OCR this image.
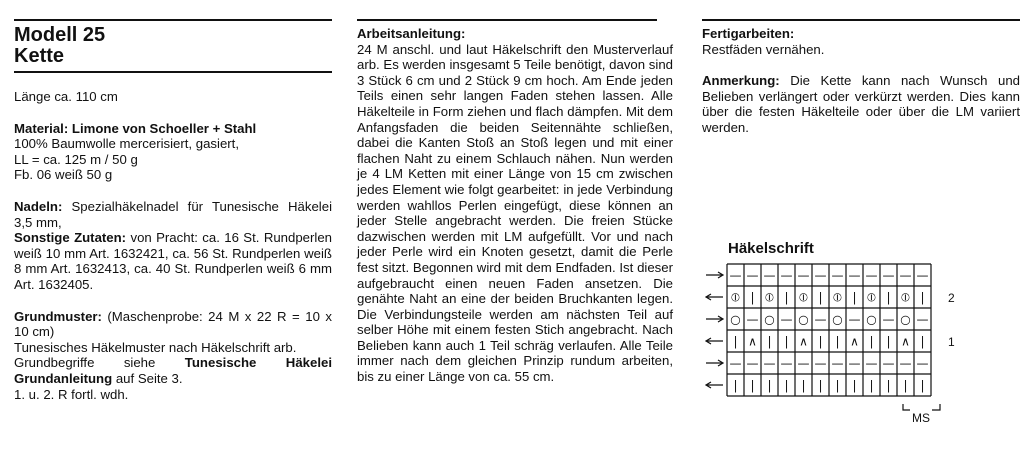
Modell 25
Kette

Länge ca. 110 cm

Material: Limone von Schoeller + Stahl

100% Baumwolle mercerisiert, gasiert,

LL = ca. 125 m / 50 g

Fb. 06 weiß 50 g

Nadeln: Spezialhäkelnadel für Tunesische Häkelei 3,5 mm,

Sonstige Zutaten: von Pracht: ca. 16 St. Rundperlen weiß 10 mm Art. 1632421, ca. 56 St. Rundperlen weiß 8 mm Art. 1632413, ca. 40 St. Rundperlen weiß 6 mm Art. 1632405.

Grundmuster: (Maschenprobe: 24 M x 22 R = 10 x 10 cm)

Tunesisches Häkelmuster nach Häkelschrift arb.

Grundbegriffe siehe Tunesische Häkelei Grundanleitung auf Seite 3.

1. u. 2. R fortl. wdh.

Arbeitsanleitung:

24 M anschl. und laut Häkelschrift den Musterverlauf arb. Es werden insgesamt 5 Teile benötigt, davon sind 3 Stück 6 cm und 2 Stück 9 cm hoch. Am Ende jeden Teils einen sehr langen Faden stehen lassen. Alle Häkelteile in Form ziehen und flach dämpfen. Mit dem Anfangsfaden die beiden Seitennähte schließen, dabei die Kanten Stoß an Stoß legen und mit einer flachen Naht zu einem Schlauch nähen. Nun werden je 4 LM Ketten mit einer Länge von 15 cm zwischen jedes Element wie folgt gearbeitet: in jede Verbindung werden wahllos Perlen eingefügt, diese können an jeder Stelle angebracht werden. Die freien Stücke dazwischen werden mit LM aufgefüllt. Vor und nach jeder Perle wird ein Knoten gesetzt, damit die Perle fest sitzt. Begonnen wird mit dem Endfaden. Ist dieser aufgebraucht einen neuen Faden ansetzen. Die genähte Naht an eine der beiden Bruchkanten legen. Die Verbindungsteile werden am nächsten Teil auf selber Höhe mit einem festen Stich angebracht. Nach Belieben kann auch 1 Teil schräg verlaufen. Alle Teile immer nach dem gleichen Prinzip rundum arbeiten, bis zu einer Länge von ca. 55 cm.

Fertigarbeiten:

Restfäden vernähen.

Anmerkung: Die Kette kann nach Wunsch und Belieben verlängert oder verkürzt werden. Dies kann über die festen Häkelteile oder über die LM variiert werden.

Häkelschrift
— — — — — — — — — — — —
⦶ | ⦶ | ⦶ | ⦶ | ⦶ | ⦶ |
○ — ○ — ○ — ○ — ○ — ○ —
| ∧ | | ∧ | | ∧ | | ∧ |
— — — — — — — — — — — —
| | | | | | | | | | | |
2
1
MS
